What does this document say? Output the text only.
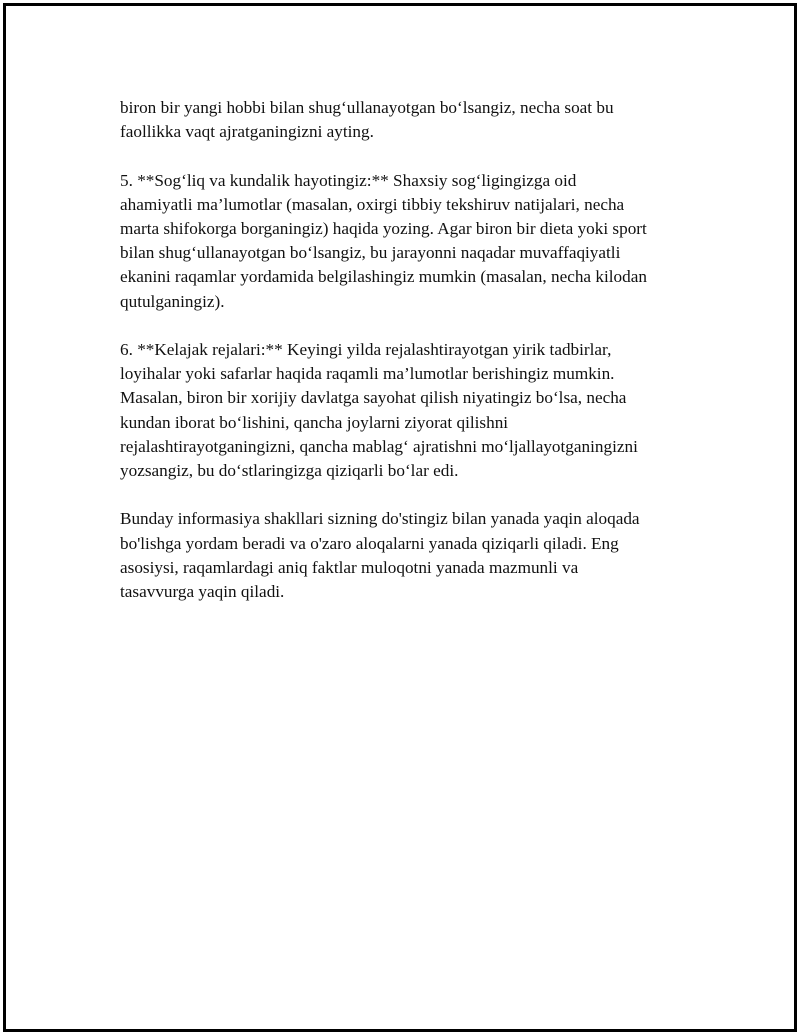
biron bir yangi hobbi bilan shug‘ullanayotgan bo‘lsangiz, necha soat bu
faollikka vaqt ajratganingizni ayting.

5. **Sog‘liq va kundalik hayotingiz:** Shaxsiy sog‘ligingizga oid
ahamiyatli ma’lumotlar (masalan, oxirgi tibbiy tekshiruv natijalari, necha
marta shifokorga borganingiz) haqida yozing. Agar biron bir dieta yoki sport
bilan shug‘ullanayotgan bo‘lsangiz, bu jarayonni naqadar muvaffaqiyatli
ekanini raqamlar yordamida belgilashingiz mumkin (masalan, necha kilodan
qutulganingiz).

6. **Kelajak rejalari:** Keyingi yilda rejalashtirayotgan yirik tadbirlar,
loyihalar yoki safarlar haqida raqamli ma’lumotlar berishingiz mumkin.
Masalan, biron bir xorijiy davlatga sayohat qilish niyatingiz bo‘lsa, necha
kundan iborat bo‘lishini, qancha joylarni ziyorat qilishni
rejalashtirayotganingizni, qancha mablag‘ ajratishni mo‘ljallayotganingizni
yozsangiz, bu do‘stlaringizga qiziqarli bo‘lar edi.

Bunday informasiya shakllari sizning do'stingiz bilan yanada yaqin aloqada
bo'lishga yordam beradi va o'zaro aloqalarni yanada qiziqarli qiladi. Eng
asosiysi, raqamlardagi aniq faktlar muloqotni yanada mazmunli va
tasavvurga yaqin qiladi.
